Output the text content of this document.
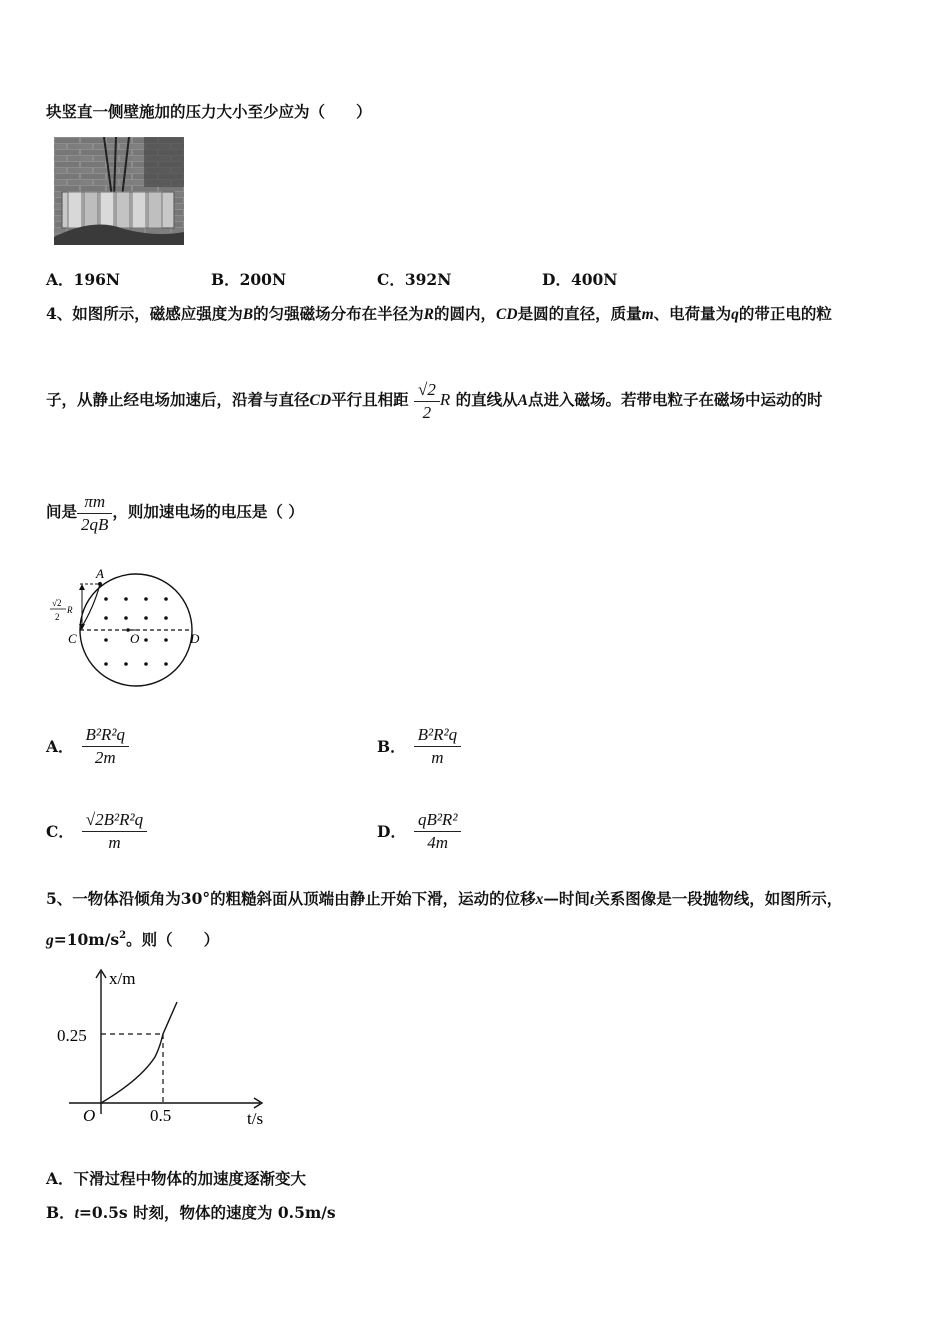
块竖直一侧壁施加的压力大小至少应为（　　）
A．196N	B．200N	C．392N	D．400N
4、如图所示，磁感应强度为B的匀强磁场分布在半径为R的圆内，CD是圆的直径，质量m、电荷量为q的带正电的粒
子，从静止经电场加速后，沿着与直径CD平行且相距 $\frac{√2}{2}$ R 的直线从A点进入磁场。若带电粒子在磁场中运动的时
间是 $\frac{\pi m}{2qB}$ ，则加速电场的电压是（ ）
A
C	D
O
√2
2
R
A． $\frac{\text{B²R²q}}{2m}$	B． $\frac{\text{B²R²q}}{m}$
C． $\frac{\text{√2B²R²q}}{m}$	D． $\frac{\text{qB²R²}}{4m}$
5、一物体沿倾角为30°的粗糙斜面从顶端由静止开始下滑，运动的位移x—时间t关系图像是一段抛物线，如图所示，
$g=10m/s^2$。则（　　）
x/m
t/s
0.25
0.5
O
A．下滑过程中物体的加速度逐渐变大
B．t=0.5s 时刻，物体的速度为 0.5m/s
